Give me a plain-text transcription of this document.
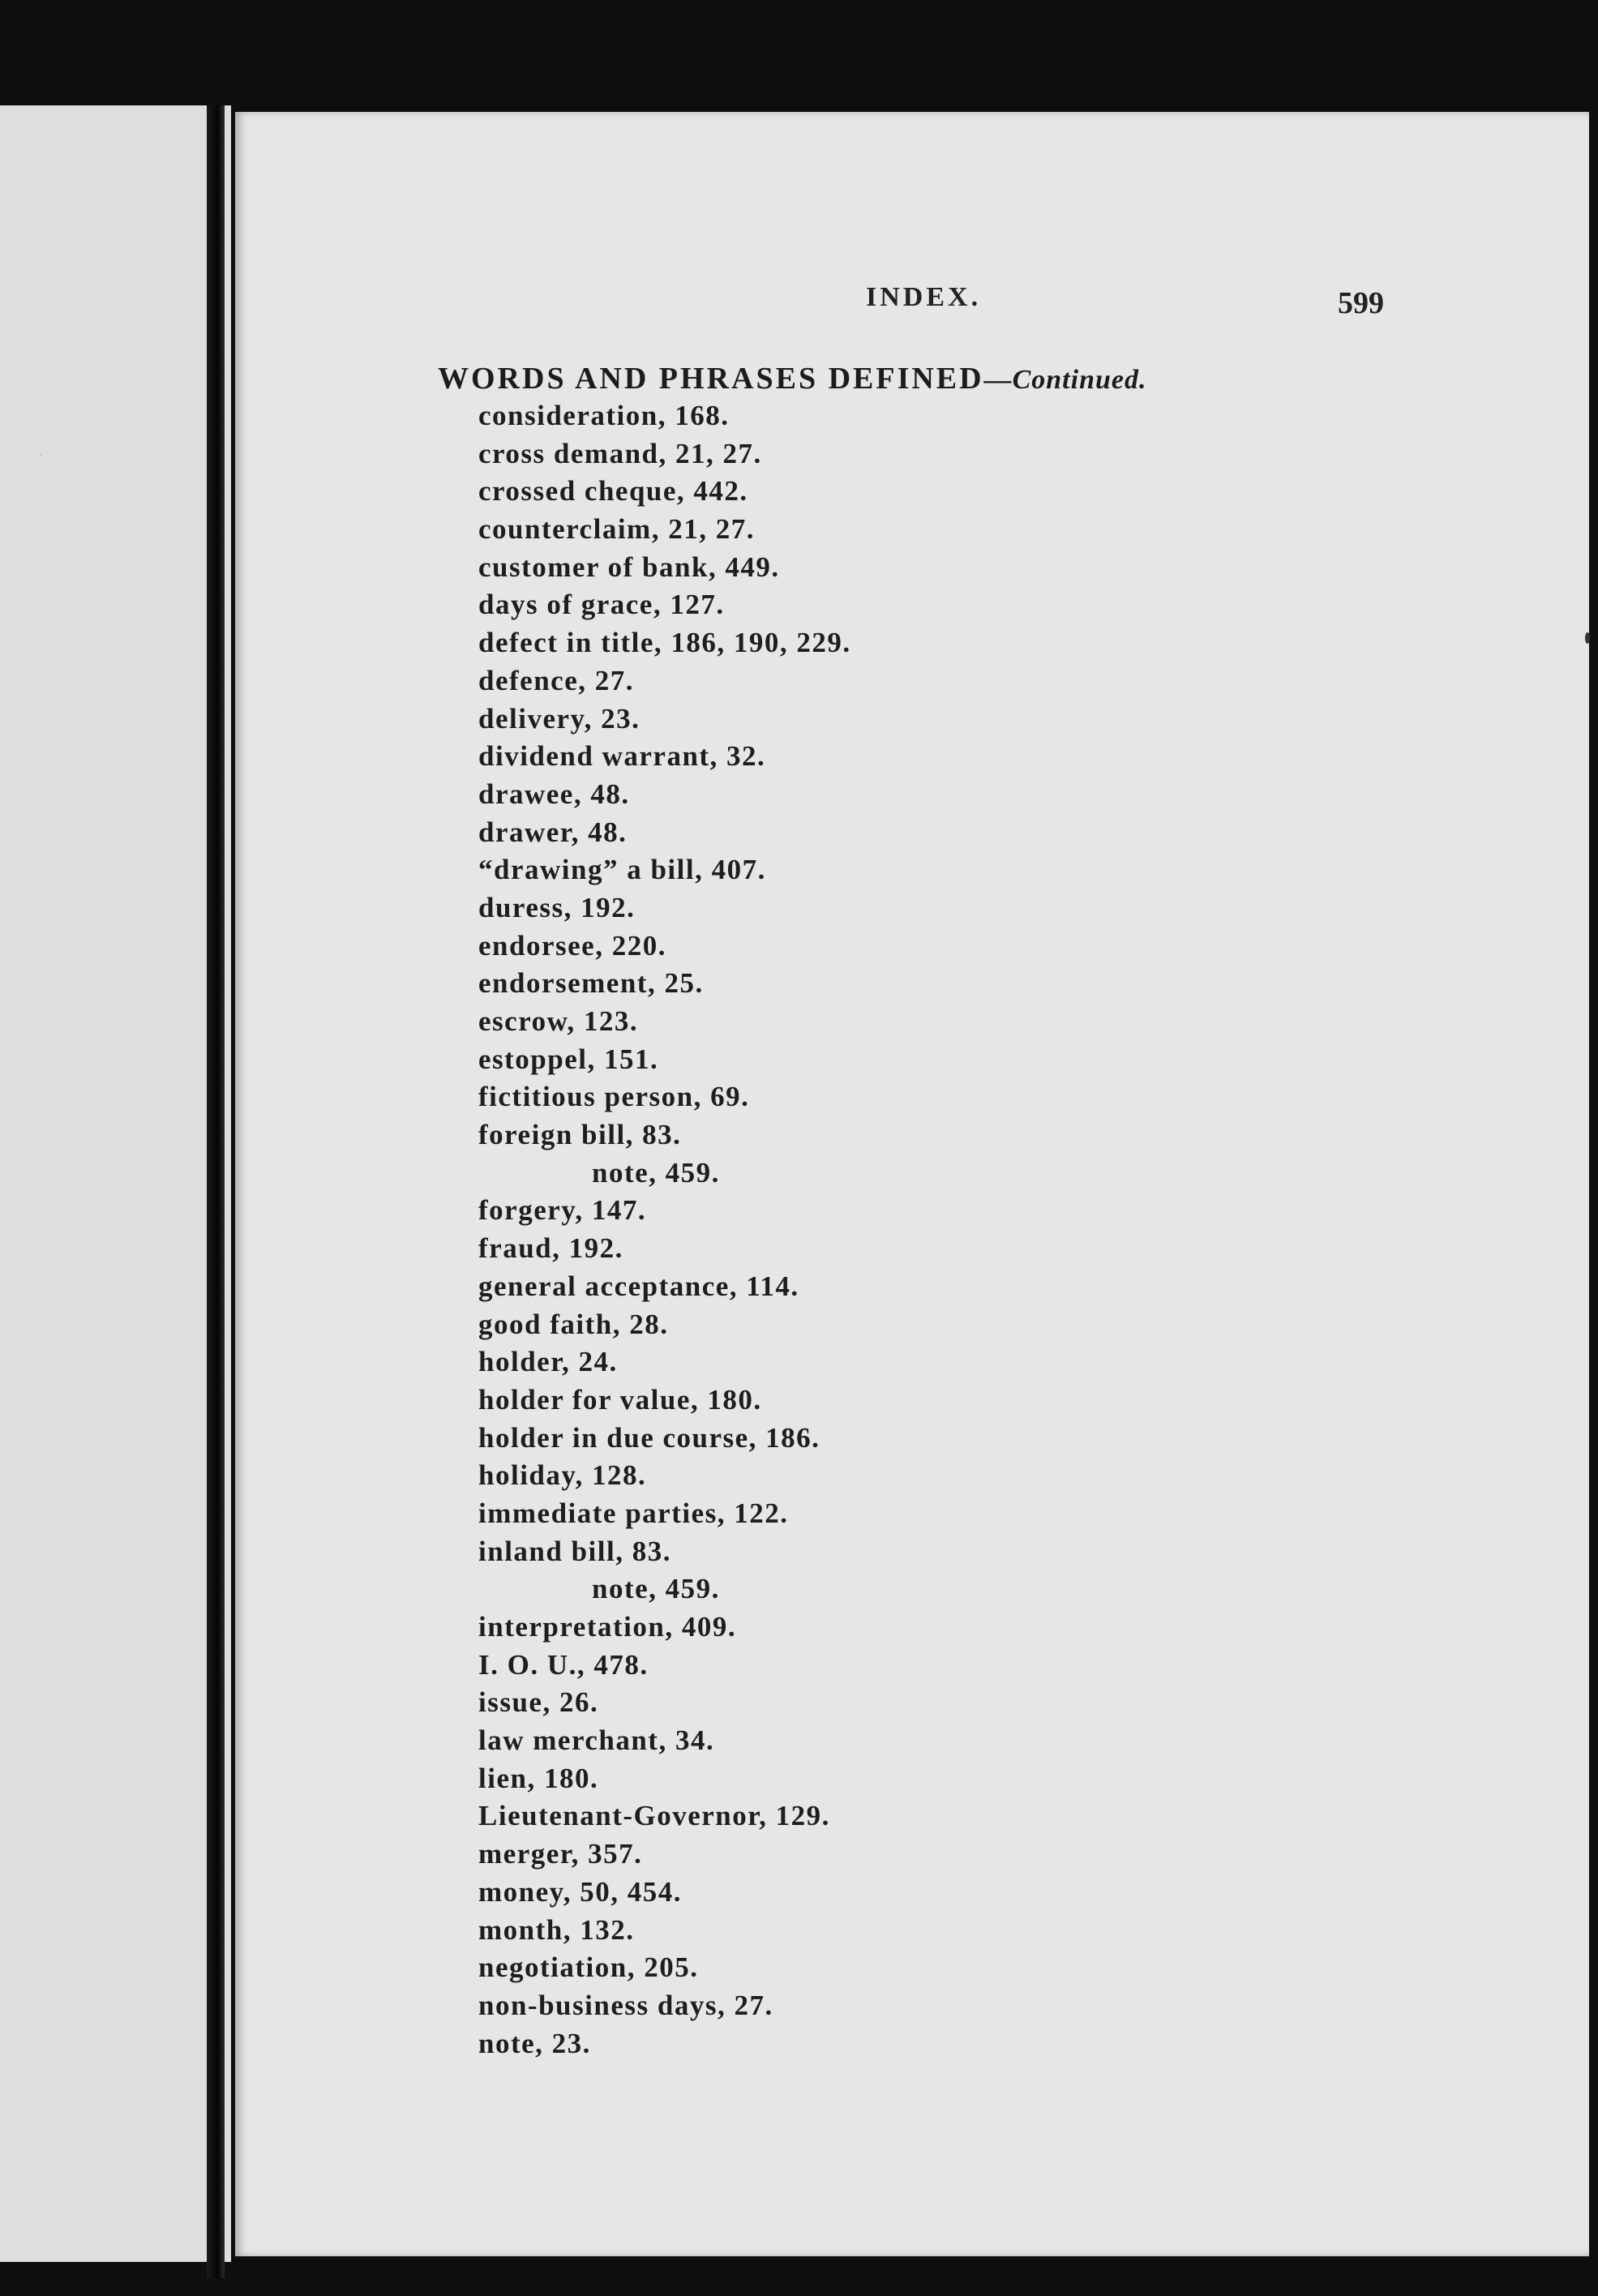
INDEX.	599
WORDS AND PHRASES DEFINED—Continued.
consideration, 168.
cross demand, 21, 27.
crossed cheque, 442.
counterclaim, 21, 27.
customer of bank, 449.
days of grace, 127.
defect in title, 186, 190, 229.
defence, 27.
delivery, 23.
dividend warrant, 32.
drawee, 48.
drawer, 48.
“drawing” a bill, 407.
duress, 192.
endorsee, 220.
endorsement, 25.
escrow, 123.
estoppel, 151.
fictitious person, 69.
foreign bill, 83.
note, 459.
forgery, 147.
fraud, 192.
general acceptance, 114.
good faith, 28.
holder, 24.
holder for value, 180.
holder in due course, 186.
holiday, 128.
immediate parties, 122.
inland bill, 83.
note, 459.
interpretation, 409.
I. O. U., 478.
issue, 26.
law merchant, 34.
lien, 180.
Lieutenant-Governor, 129.
merger, 357.
money, 50, 454.
month, 132.
negotiation, 205.
non-business days, 27.
note, 23.
